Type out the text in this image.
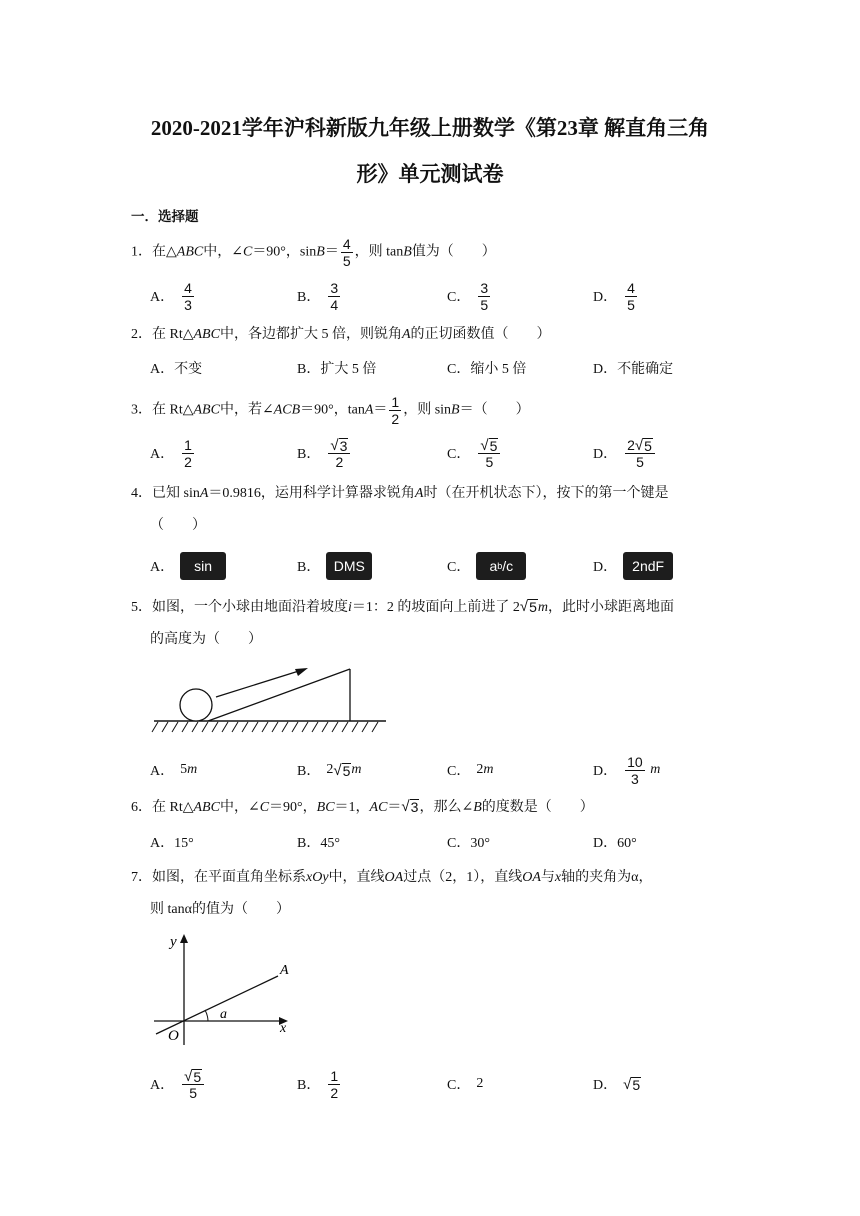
2020-2021学年沪科新版九年级上册数学《第23章 解直角三角
形》单元测试卷
一．选择题
1．在△ABC中，∠C＝90°，$\sin B= \frac{4}{5}$ ，则 tanB值为（　　）
A． $\frac{4}{3}$	B． $\frac{3}{4}$	C． $\frac{3}{5}$	D． $\frac{4}{5}$
2．在 Rt△ABC中，各边都扩大 5 倍，则锐角A的正切函数值（　　）
A．不变	B．扩大 5 倍	C．缩小 5 倍	D．不能确定
3．在 Rt△ABC中，若∠ACB＝90°，$\tan A= \frac{1}{2}$ ，则 sinB＝（　　）
A． $\frac{1}{2}$	B． $\frac{√ 3}{2}$	C． $\frac{√ 5}{5}$	D． $\frac{2 √ 5}{5}$
4．已知 sinA＝0.9816，运用科学计算器求锐角A时（在开机状态下），按下的第一个键是
（　　）
A．	sin	B． DMS	C．	a b /c	D．	2ndF
5．如图，一个小球由地面沿着坡度i＝1：2 的坡面向上前进了 2 √ 5 m，此时小球距离地面
的高度为（　　）
A． 5 m	B． 2 √ 5 m	C． 2 m	D． $\frac{10}{3}$
m
6．在 Rt△ABC中，∠C＝90°，BC＝1，AC＝ √ 3 ，那么∠B的度数是（　　）
A．15°	B．45°	C．30°	D．60°
7．如图，在平面直角坐标系xOy中，直线OA过点（2，1），直线OA与x轴的夹角为α，
则 tanα的值为（　　）
y
x
O
A
a
A． $\frac{√ 5}{5}$	B． $\frac{1}{2}$	C． 2	D． √ 5
